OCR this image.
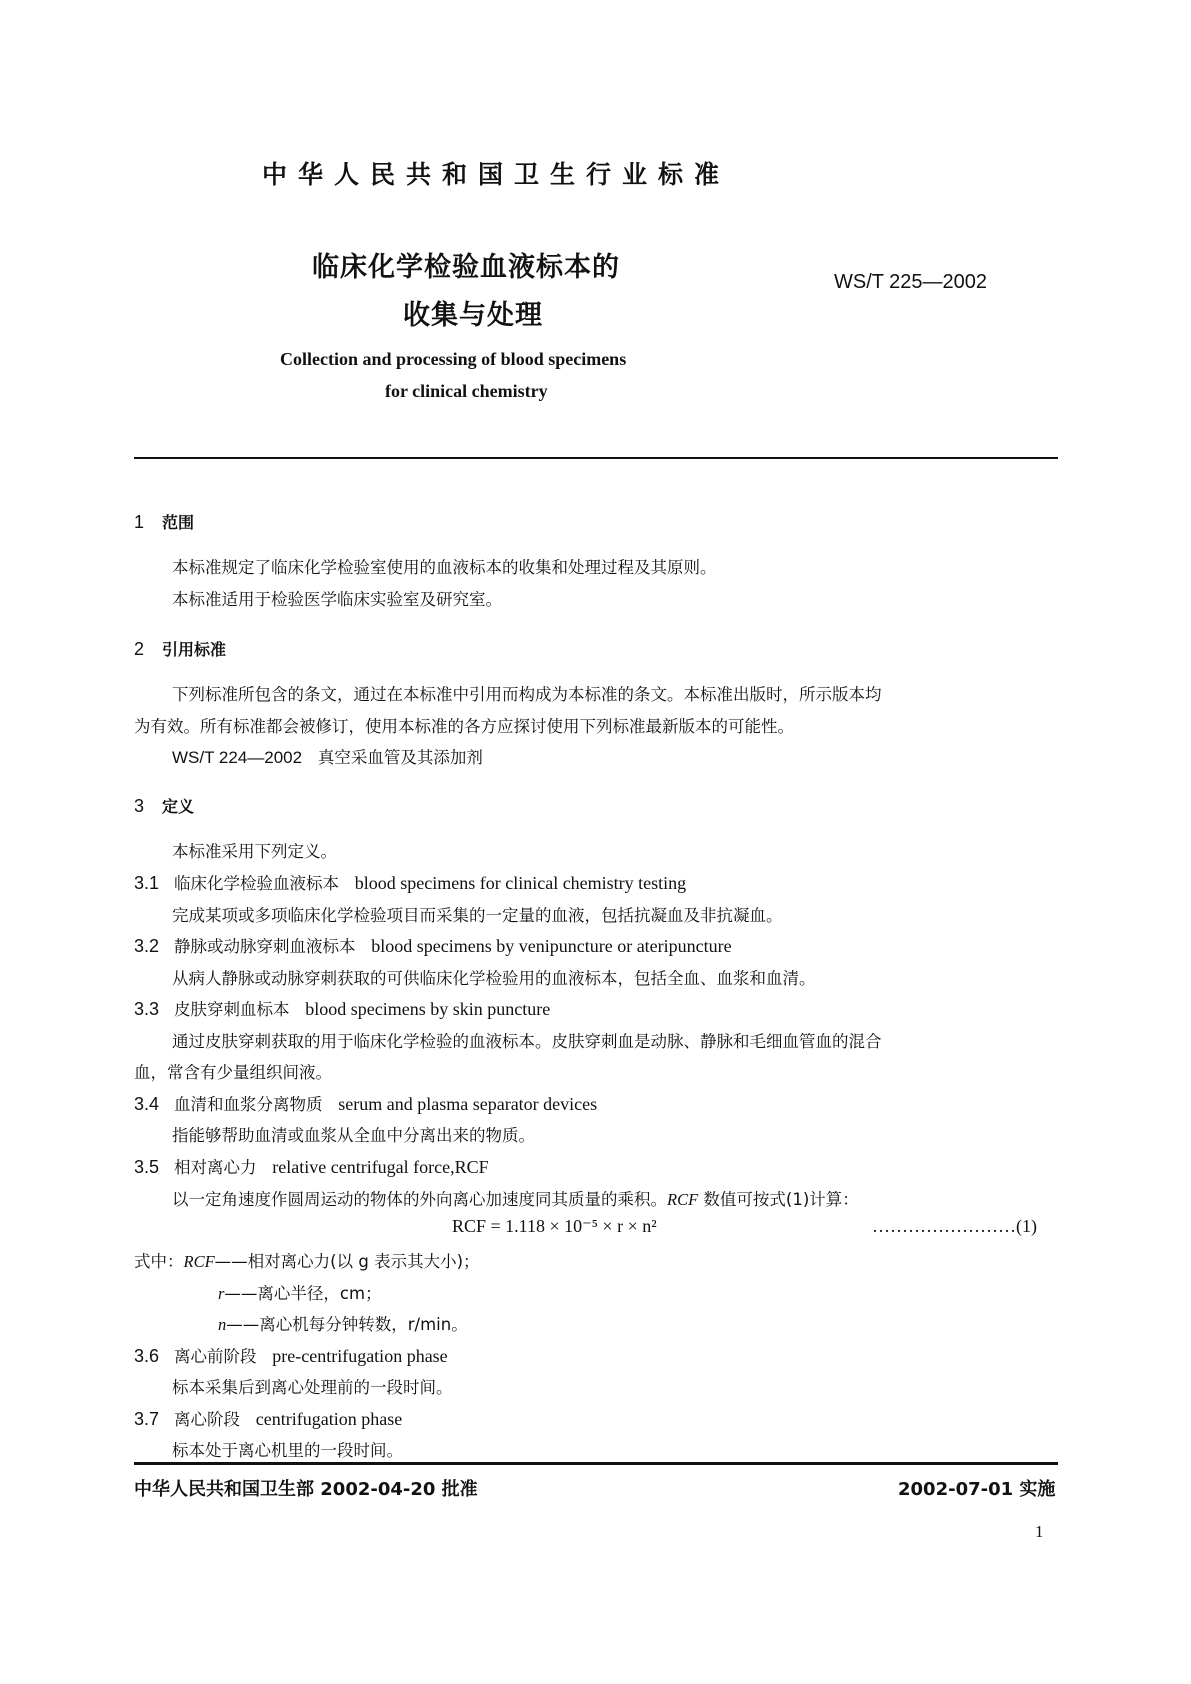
中华人民共和国卫生行业标准
临床化学检验血液标本的
收集与处理
WS/T 225—2002
Collection and processing of blood specimens
for clinical chemistry
1 范围
本标准规定了临床化学检验室使用的血液标本的收集和处理过程及其原则。
本标准适用于检验医学临床实验室及研究室。
2 引用标准
下列标准所包含的条文，通过在本标准中引用而构成为本标准的条文。本标准出版时，所示版本均
为有效。所有标准都会被修订，使用本标准的各方应探讨使用下列标准最新版本的可能性。
WS/T 224—2002 真空采血管及其添加剂
3 定义
本标准采用下列定义。
3.1 临床化学检验血液标本 blood specimens for clinical chemistry testing
完成某项或多项临床化学检验项目而采集的一定量的血液，包括抗凝血及非抗凝血。
3.2 静脉或动脉穿刺血液标本 blood specimens by venipuncture or ateripuncture
从病人静脉或动脉穿刺获取的可供临床化学检验用的血液标本，包括全血、血浆和血清。
3.3 皮肤穿刺血标本 blood specimens by skin puncture
通过皮肤穿刺获取的用于临床化学检验的血液标本。皮肤穿刺血是动脉、静脉和毛细血管血的混合
血，常含有少量组织间液。
3.4 血清和血浆分离物质 serum and plasma separator devices
指能够帮助血清或血浆从全血中分离出来的物质。
3.5 相对离心力 relative centrifugal force,RCF
以一定角速度作圆周运动的物体的外向离心加速度同其质量的乘积。RCF 数值可按式(1)计算：
RCF = 1.118 × 10⁻⁵ × r × n²	……………………(1)
式中：RCF——相对离心力(以 g 表示其大小)；
r——离心半径，cm；
n——离心机每分钟转数，r/min。
3.6 离心前阶段 pre-centrifugation phase
标本采集后到离心处理前的一段时间。
3.7 离心阶段 centrifugation phase
标本处于离心机里的一段时间。
中华人民共和国卫生部 2002-04-20 批准	2002-07-01 实施
1
